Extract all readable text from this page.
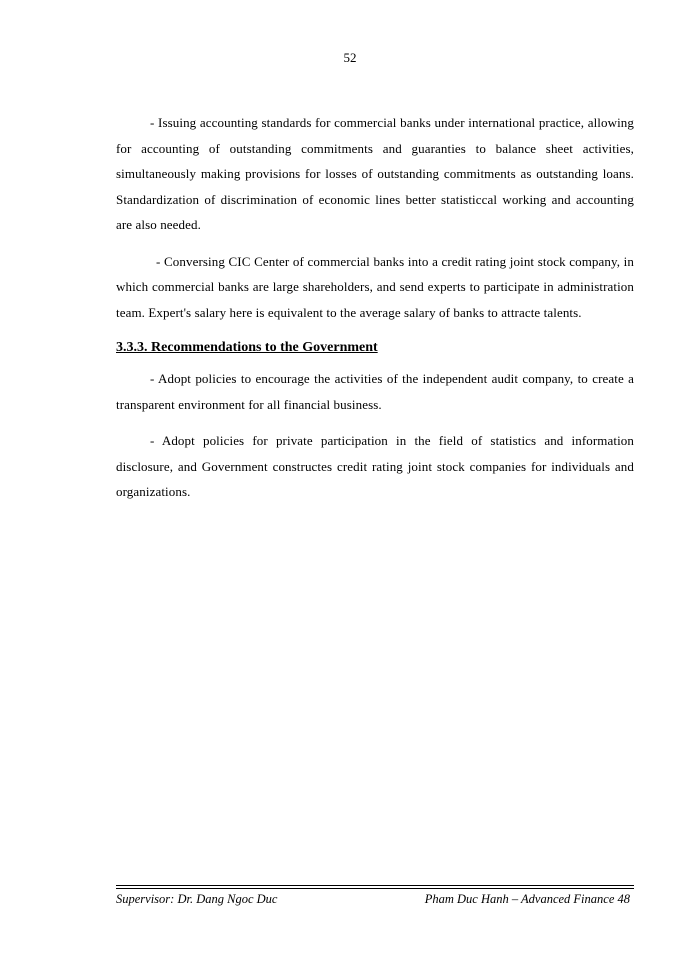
52

- Issuing accounting standards for commercial banks under international practice, allowing for accounting of outstanding commitments and guaranties to balance sheet activities, simultaneously making provisions for losses of outstanding commitments as outstanding loans. Standardization of discrimination of economic lines better statisticcal working and accounting are also needed.

- Conversing CIC Center of commercial banks into a credit rating joint stock company, in which commercial banks are large shareholders, and send experts to participate in administration team. Expert's salary here is equivalent to the average salary of banks to attracte talents.

3.3.3. Recommendations to the Government

- Adopt policies to encourage the activities of the independent audit company, to create a transparent environment for all financial business.

- Adopt policies for private participation in the field of statistics and information disclosure, and Government constructes credit rating joint stock companies for individuals and organizations.

Supervisor: Dr. Dang Ngoc Duc	Pham Duc Hanh – Advanced Finance 48
